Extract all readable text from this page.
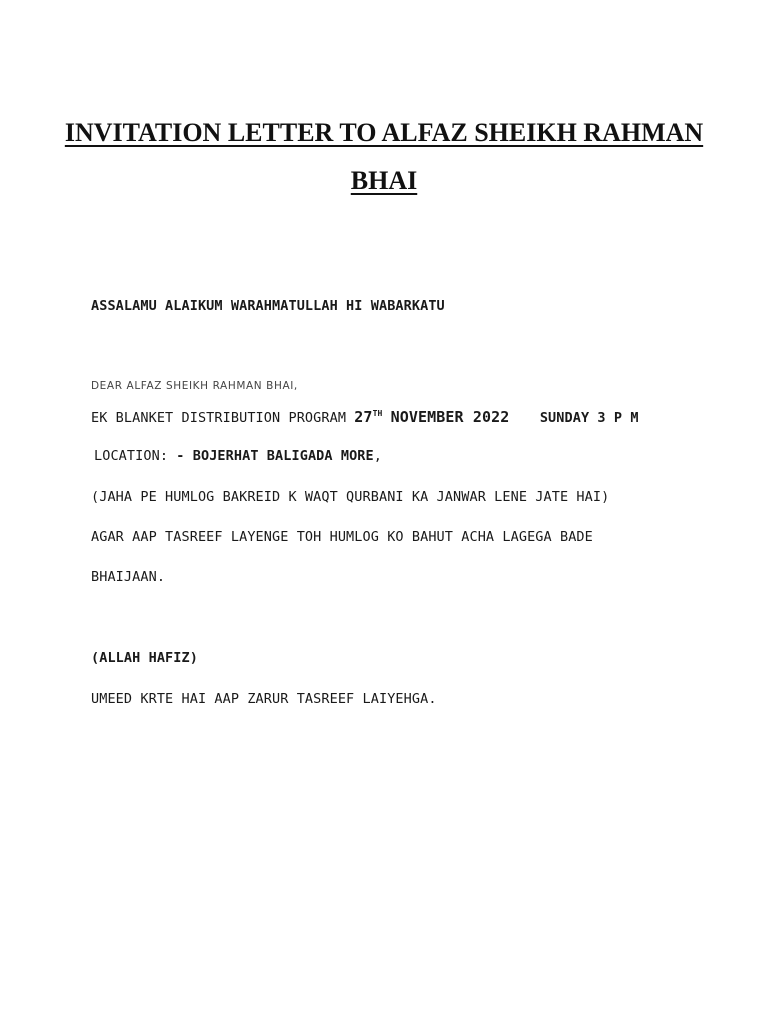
INVITATION LETTER TO ALFAZ SHEIKH RAHMAN
BHAI
ASSALAMU ALAIKUM WARAHMATULLAH HI WABARKATU
DEAR ALFAZ SHEIKH RAHMAN BHAI,
EK BLANKET DISTRIBUTION PROGRAM 27TH NOVEMBER 2022 SUNDAY 3 P M
LOCATION: - BOJERHAT BALIGADA MORE,
(JAHA PE HUMLOG BAKREID K WAQT QURBANI KA JANWAR LENE JATE HAI)
AGAR AAP TASREEF LAYENGE TOH HUMLOG KO BAHUT ACHA LAGEGA BADE
BHAIJAAN.
(ALLAH HAFIZ)
UMEED KRTE HAI AAP ZARUR TASREEF LAIYEHGA.
